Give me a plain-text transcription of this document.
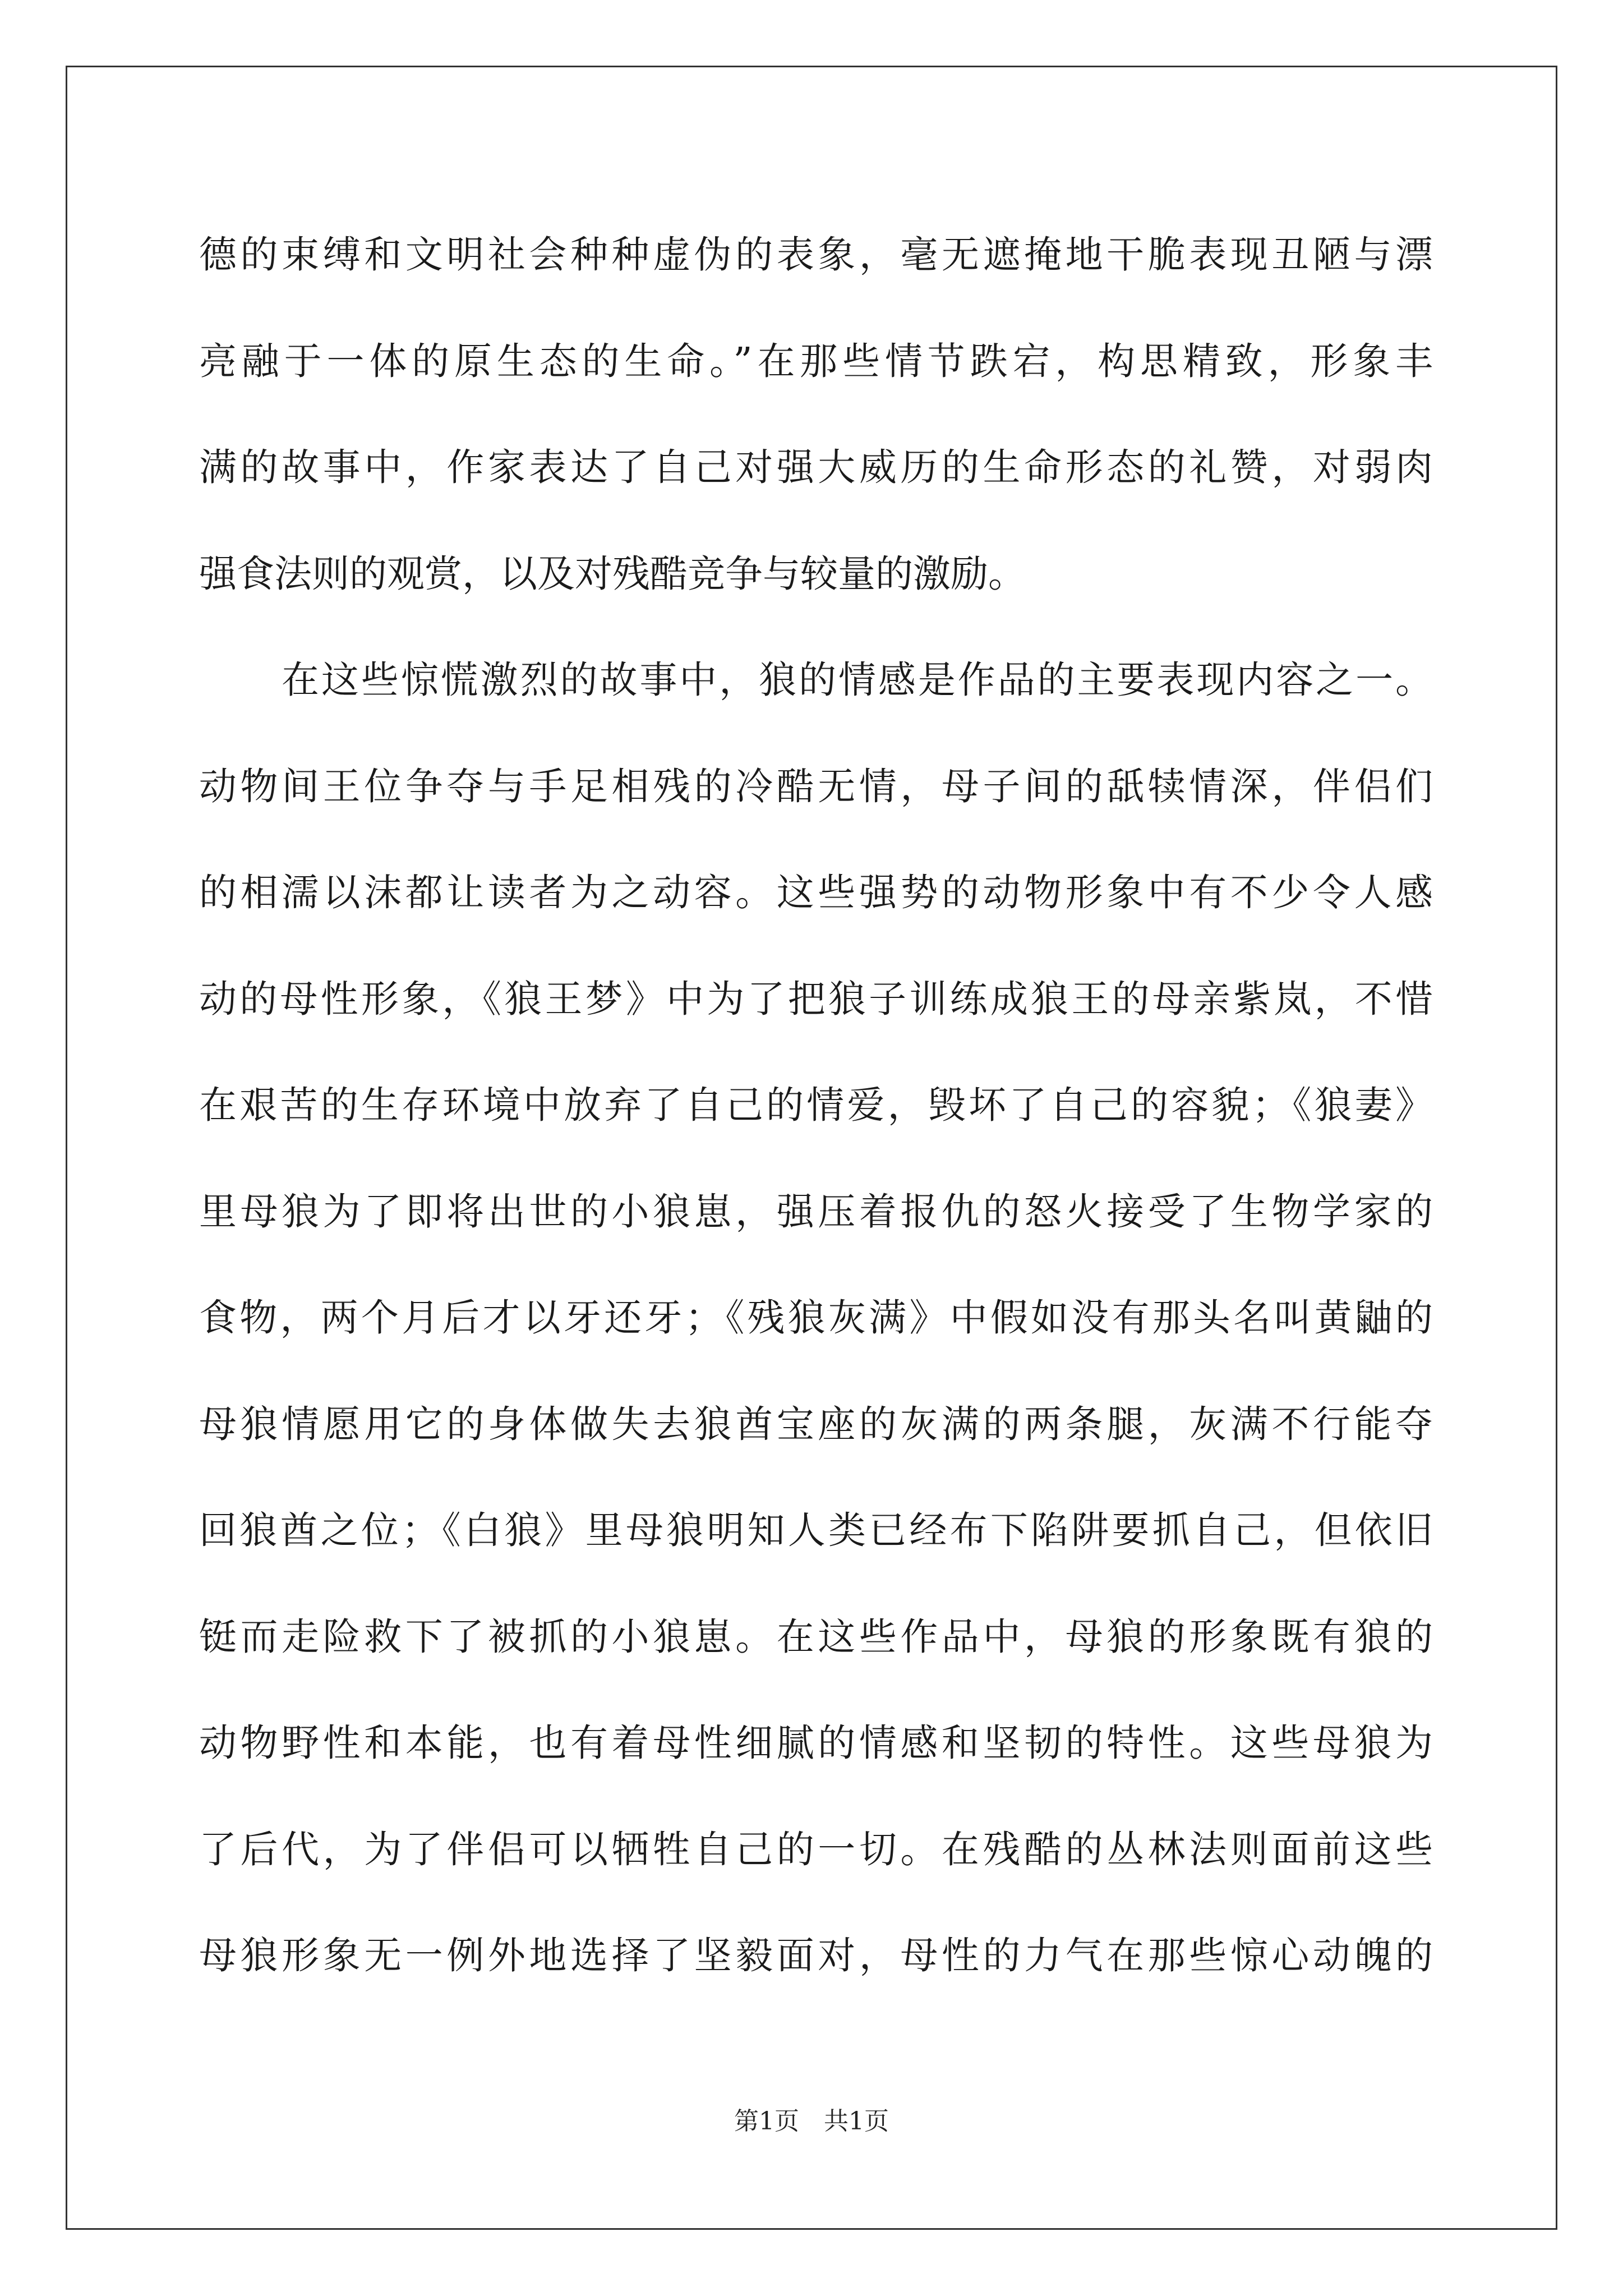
德的束缚和文明社会种种虚伪的表象，毫无遮掩地干脆表现丑陋与漂
亮融于一体的原生态的生命。”在那些情节跌宕，构思精致，形象丰
满的故事中，作家表达了自己对强大威历的生命形态的礼赞，对弱肉
强食法则的观赏，以及对残酷竞争与较量的激励。
在这些惊慌激烈的故事中，狼的情感是作品的主要表现内容之一。
动物间王位争夺与手足相残的冷酷无情，母子间的舐犊情深，伴侣们
的相濡以沫都让读者为之动容。这些强势的动物形象中有不少令人感
动的母性形象，《狼王梦》中为了把狼子训练成狼王的母亲紫岚，不惜
在艰苦的生存环境中放弃了自己的情爱，毁坏了自己的容貌；《狼妻》
里母狼为了即将出世的小狼崽，强压着报仇的怒火接受了生物学家的
食物，两个月后才以牙还牙；《残狼灰满》中假如没有那头名叫黄鼬的
母狼情愿用它的身体做失去狼酋宝座的灰满的两条腿，灰满不行能夺
回狼酋之位；《白狼》里母狼明知人类已经布下陷阱要抓自己，但依旧
铤而走险救下了被抓的小狼崽。在这些作品中，母狼的形象既有狼的
动物野性和本能，也有着母性细腻的情感和坚韧的特性。这些母狼为
了后代，为了伴侣可以牺牲自己的一切。在残酷的丛林法则面前这些
母狼形象无一例外地选择了坚毅面对，母性的力气在那些惊心动魄的
第1页　共1页
